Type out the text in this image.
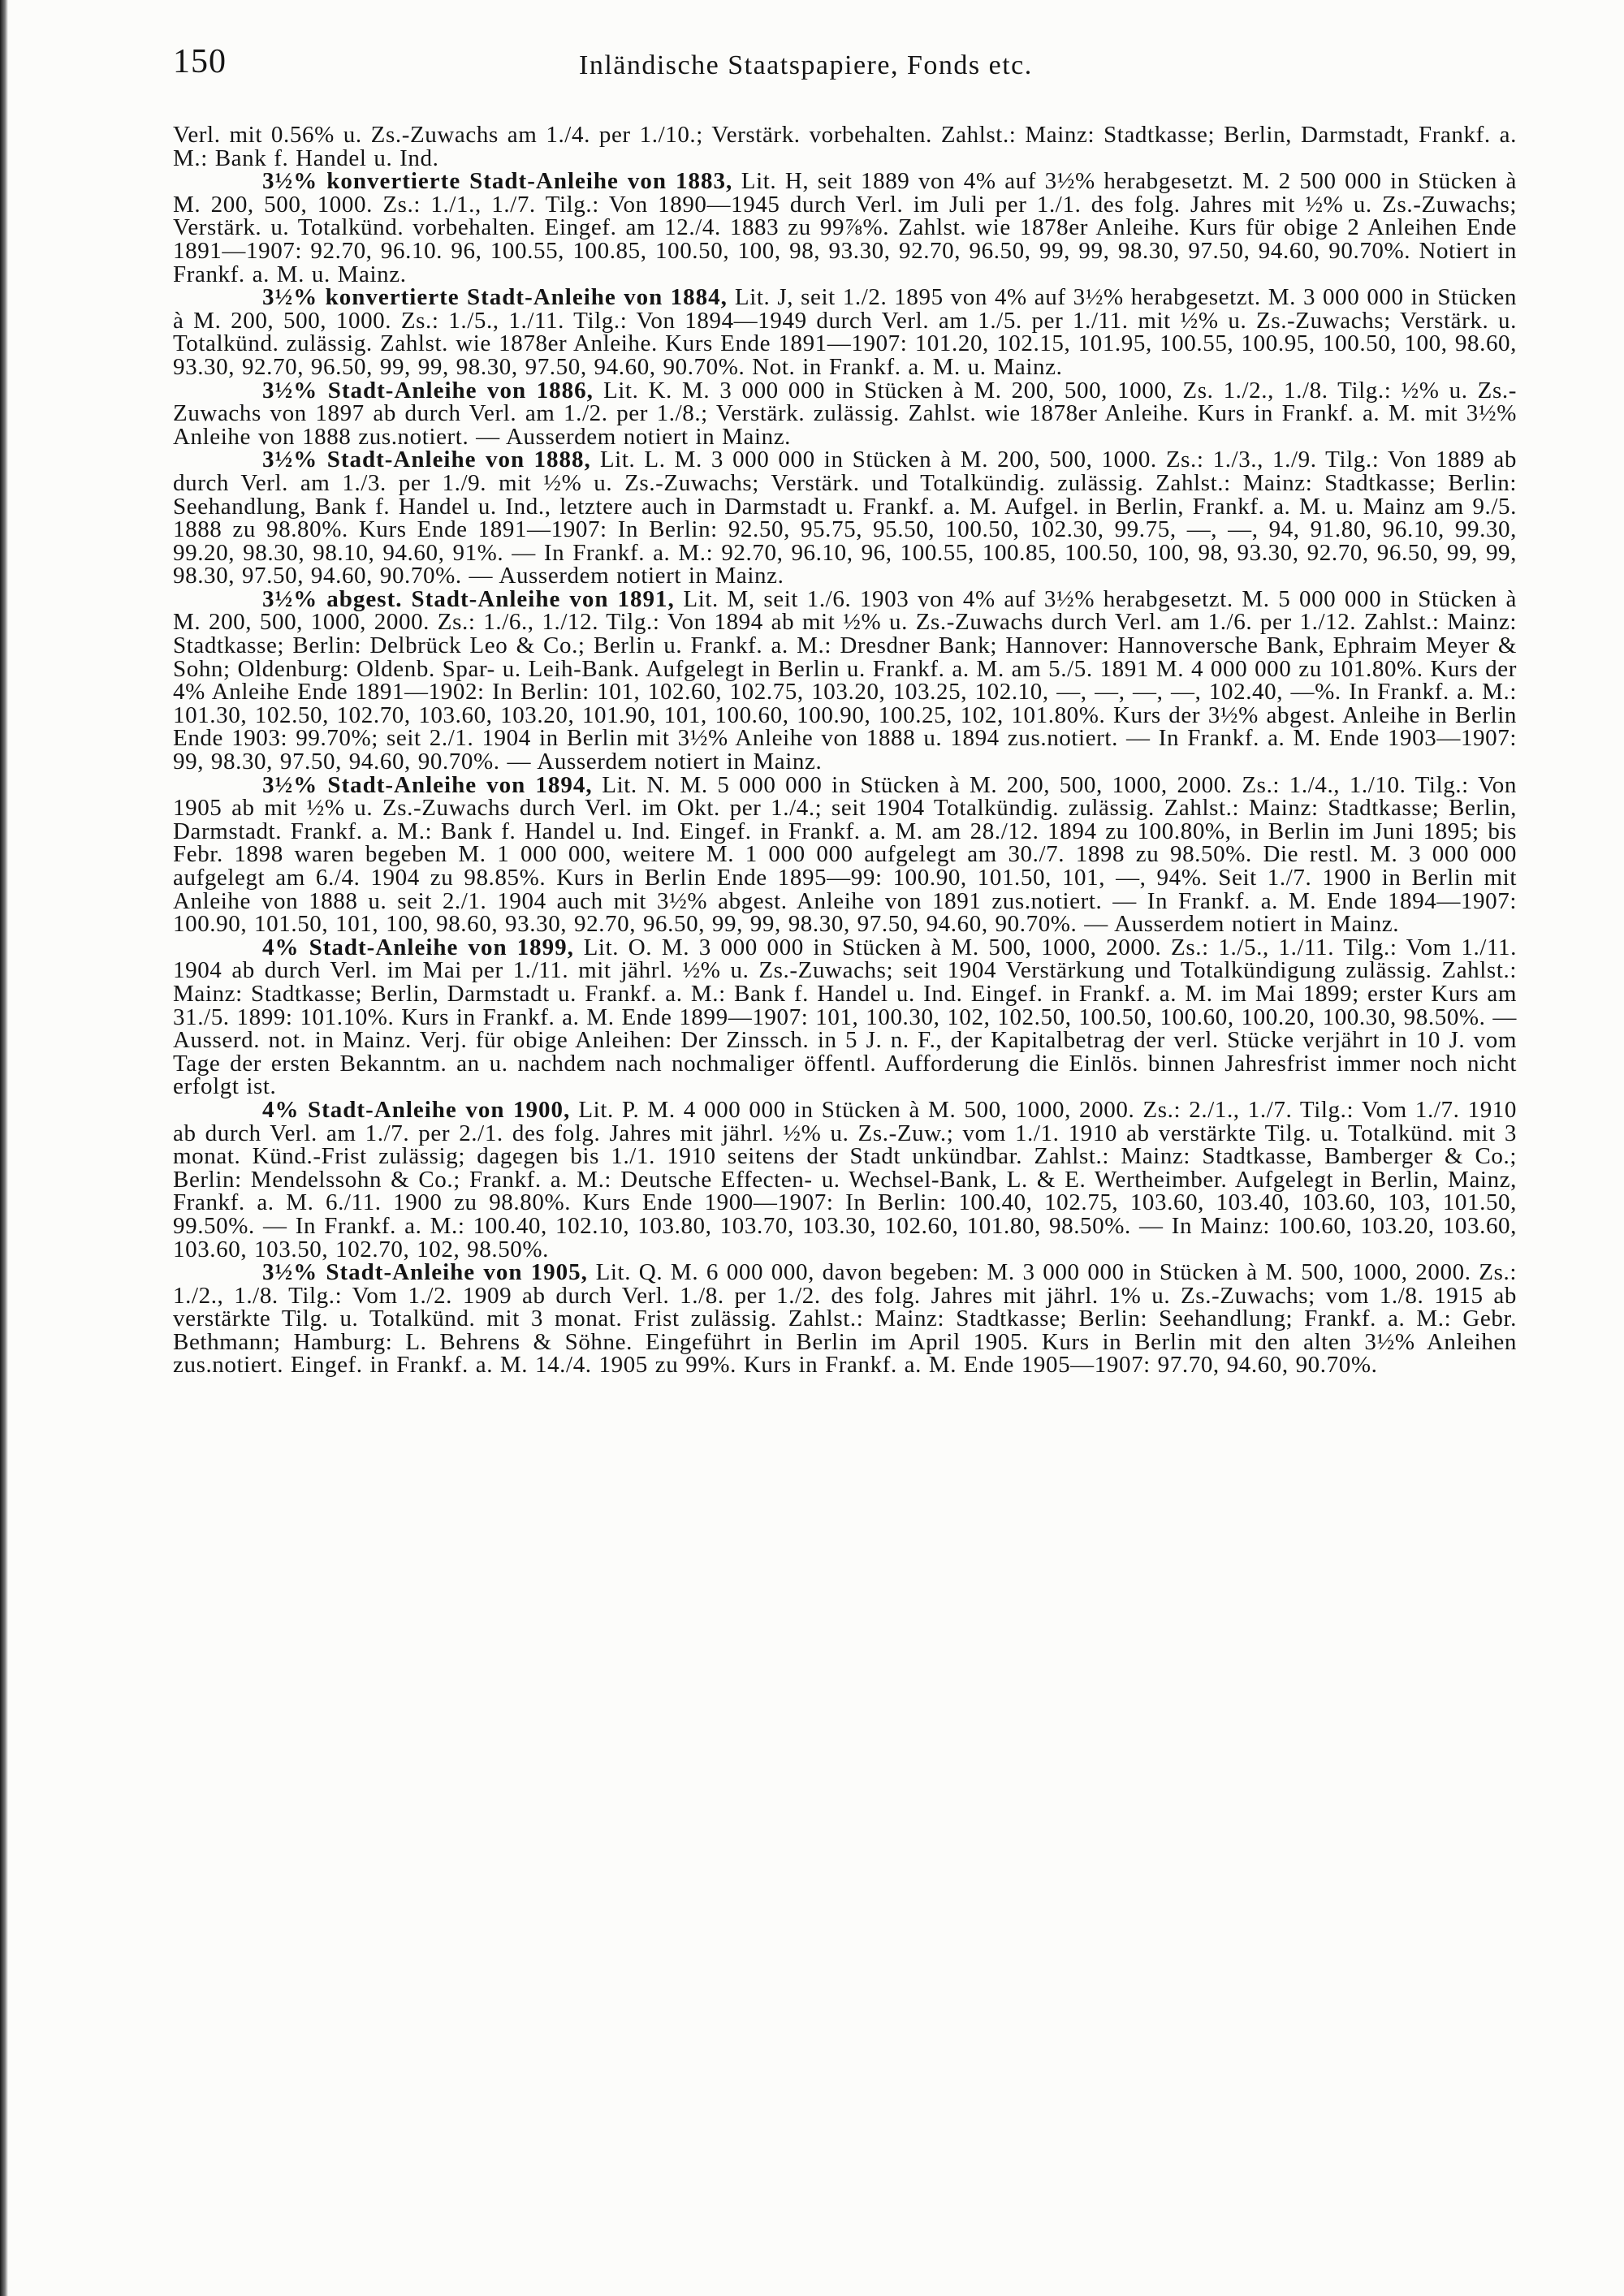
150	Inländische Staatspapiere, Fonds etc.

Verl. mit 0.56% u. Zs.-Zuwachs am 1./4. per 1./10.; Verstärk. vorbehalten. Zahlst.: Mainz: Stadtkasse; Berlin, Darmstadt, Frankf. a. M.: Bank f. Handel u. Ind.

3½% konvertierte Stadt-Anleihe von 1883, Lit. H, seit 1889 von 4% auf 3½% herabgesetzt. M. 2 500 000 in Stücken à M. 200, 500, 1000. Zs.: 1./1., 1./7. Tilg.: Von 1890—1945 durch Verl. im Juli per 1./1. des folg. Jahres mit ½% u. Zs.-Zuwachs; Verstärk. u. Totalkünd. vorbehalten. Eingef. am 12./4. 1883 zu 99⅞%. Zahlst. wie 1878er Anleihe. Kurs für obige 2 Anleihen Ende 1891—1907: 92.70, 96.10. 96, 100.55, 100.85, 100.50, 100, 98, 93.30, 92.70, 96.50, 99, 99, 98.30, 97.50, 94.60, 90.70%. Notiert in Frankf. a. M. u. Mainz.

3½% konvertierte Stadt-Anleihe von 1884, Lit. J, seit 1./2. 1895 von 4% auf 3½% herabgesetzt. M. 3 000 000 in Stücken à M. 200, 500, 1000. Zs.: 1./5., 1./11. Tilg.: Von 1894—1949 durch Verl. am 1./5. per 1./11. mit ½% u. Zs.-Zuwachs; Verstärk. u. Totalkünd. zulässig. Zahlst. wie 1878er Anleihe. Kurs Ende 1891—1907: 101.20, 102.15, 101.95, 100.55, 100.95, 100.50, 100, 98.60, 93.30, 92.70, 96.50, 99, 99, 98.30, 97.50, 94.60, 90.70%. Not. in Frankf. a. M. u. Mainz.

3½% Stadt-Anleihe von 1886, Lit. K. M. 3 000 000 in Stücken à M. 200, 500, 1000, Zs. 1./2., 1./8. Tilg.: ½% u. Zs.-Zuwachs von 1897 ab durch Verl. am 1./2. per 1./8.; Verstärk. zulässig. Zahlst. wie 1878er Anleihe. Kurs in Frankf. a. M. mit 3½% Anleihe von 1888 zus.notiert. — Ausserdem notiert in Mainz.

3½% Stadt-Anleihe von 1888, Lit. L. M. 3 000 000 in Stücken à M. 200, 500, 1000. Zs.: 1./3., 1./9. Tilg.: Von 1889 ab durch Verl. am 1./3. per 1./9. mit ½% u. Zs.-Zuwachs; Verstärk. und Totalkündig. zulässig. Zahlst.: Mainz: Stadtkasse; Berlin: Seehandlung, Bank f. Handel u. Ind., letztere auch in Darmstadt u. Frankf. a. M. Aufgel. in Berlin, Frankf. a. M. u. Mainz am 9./5. 1888 zu 98.80%. Kurs Ende 1891—1907: In Berlin: 92.50, 95.75, 95.50, 100.50, 102.30, 99.75, —, —, 94, 91.80, 96.10, 99.30, 99.20, 98.30, 98.10, 94.60, 91%. — In Frankf. a. M.: 92.70, 96.10, 96, 100.55, 100.85, 100.50, 100, 98, 93.30, 92.70, 96.50, 99, 99, 98.30, 97.50, 94.60, 90.70%. — Ausserdem notiert in Mainz.

3½% abgest. Stadt-Anleihe von 1891, Lit. M, seit 1./6. 1903 von 4% auf 3½% herabgesetzt. M. 5 000 000 in Stücken à M. 200, 500, 1000, 2000. Zs.: 1./6., 1./12. Tilg.: Von 1894 ab mit ½% u. Zs.-Zuwachs durch Verl. am 1./6. per 1./12. Zahlst.: Mainz: Stadtkasse; Berlin: Delbrück Leo & Co.; Berlin u. Frankf. a. M.: Dresdner Bank; Hannover: Hannoversche Bank, Ephraim Meyer & Sohn; Oldenburg: Oldenb. Spar- u. Leih-Bank. Aufgelegt in Berlin u. Frankf. a. M. am 5./5. 1891 M. 4 000 000 zu 101.80%. Kurs der 4% Anleihe Ende 1891—1902: In Berlin: 101, 102.60, 102.75, 103.20, 103.25, 102.10, —, —, —, —, 102.40, —%. In Frankf. a. M.: 101.30, 102.50, 102.70, 103.60, 103.20, 101.90, 101, 100.60, 100.90, 100.25, 102, 101.80%. Kurs der 3½% abgest. Anleihe in Berlin Ende 1903: 99.70%; seit 2./1. 1904 in Berlin mit 3½% Anleihe von 1888 u. 1894 zus.notiert. — In Frankf. a. M. Ende 1903—1907: 99, 98.30, 97.50, 94.60, 90.70%. — Ausserdem notiert in Mainz.

3½% Stadt-Anleihe von 1894, Lit. N. M. 5 000 000 in Stücken à M. 200, 500, 1000, 2000. Zs.: 1./4., 1./10. Tilg.: Von 1905 ab mit ½% u. Zs.-Zuwachs durch Verl. im Okt. per 1./4.; seit 1904 Totalkündig. zulässig. Zahlst.: Mainz: Stadtkasse; Berlin, Darmstadt. Frankf. a. M.: Bank f. Handel u. Ind. Eingef. in Frankf. a. M. am 28./12. 1894 zu 100.80%, in Berlin im Juni 1895; bis Febr. 1898 waren begeben M. 1 000 000, weitere M. 1 000 000 aufgelegt am 30./7. 1898 zu 98.50%. Die restl. M. 3 000 000 aufgelegt am 6./4. 1904 zu 98.85%. Kurs in Berlin Ende 1895—99: 100.90, 101.50, 101, —, 94%. Seit 1./7. 1900 in Berlin mit Anleihe von 1888 u. seit 2./1. 1904 auch mit 3½% abgest. Anleihe von 1891 zus.notiert. — In Frankf. a. M. Ende 1894—1907: 100.90, 101.50, 101, 100, 98.60, 93.30, 92.70, 96.50, 99, 99, 98.30, 97.50, 94.60, 90.70%. — Ausserdem notiert in Mainz.

4% Stadt-Anleihe von 1899, Lit. O. M. 3 000 000 in Stücken à M. 500, 1000, 2000. Zs.: 1./5., 1./11. Tilg.: Vom 1./11. 1904 ab durch Verl. im Mai per 1./11. mit jährl. ½% u. Zs.-Zuwachs; seit 1904 Verstärkung und Totalkündigung zulässig. Zahlst.: Mainz: Stadtkasse; Berlin, Darmstadt u. Frankf. a. M.: Bank f. Handel u. Ind. Eingef. in Frankf. a. M. im Mai 1899; erster Kurs am 31./5. 1899: 101.10%. Kurs in Frankf. a. M. Ende 1899—1907: 101, 100.30, 102, 102.50, 100.50, 100.60, 100.20, 100.30, 98.50%. — Ausserd. not. in Mainz. Verj. für obige Anleihen: Der Zinssch. in 5 J. n. F., der Kapitalbetrag der verl. Stücke verjährt in 10 J. vom Tage der ersten Bekanntm. an u. nachdem nach nochmaliger öffentl. Aufforderung die Einlös. binnen Jahresfrist immer noch nicht erfolgt ist.

4% Stadt-Anleihe von 1900, Lit. P. M. 4 000 000 in Stücken à M. 500, 1000, 2000. Zs.: 2./1., 1./7. Tilg.: Vom 1./7. 1910 ab durch Verl. am 1./7. per 2./1. des folg. Jahres mit jährl. ½% u. Zs.-Zuw.; vom 1./1. 1910 ab verstärkte Tilg. u. Totalkünd. mit 3 monat. Künd.-Frist zulässig; dagegen bis 1./1. 1910 seitens der Stadt unkündbar. Zahlst.: Mainz: Stadtkasse, Bamberger & Co.; Berlin: Mendelssohn & Co.; Frankf. a. M.: Deutsche Effecten- u. Wechsel-Bank, L. & E. Wertheimber. Aufgelegt in Berlin, Mainz, Frankf. a. M. 6./11. 1900 zu 98.80%. Kurs Ende 1900—1907: In Berlin: 100.40, 102.75, 103.60, 103.40, 103.60, 103, 101.50, 99.50%. — In Frankf. a. M.: 100.40, 102.10, 103.80, 103.70, 103.30, 102.60, 101.80, 98.50%. — In Mainz: 100.60, 103.20, 103.60, 103.60, 103.50, 102.70, 102, 98.50%.

3½% Stadt-Anleihe von 1905, Lit. Q. M. 6 000 000, davon begeben: M. 3 000 000 in Stücken à M. 500, 1000, 2000. Zs.: 1./2., 1./8. Tilg.: Vom 1./2. 1909 ab durch Verl. 1./8. per 1./2. des folg. Jahres mit jährl. 1% u. Zs.-Zuwachs; vom 1./8. 1915 ab verstärkte Tilg. u. Totalkünd. mit 3 monat. Frist zulässig. Zahlst.: Mainz: Stadtkasse; Berlin: Seehandlung; Frankf. a. M.: Gebr. Bethmann; Hamburg: L. Behrens & Söhne. Eingeführt in Berlin im April 1905. Kurs in Berlin mit den alten 3½% Anleihen zus.notiert. Eingef. in Frankf. a. M. 14./4. 1905 zu 99%. Kurs in Frankf. a. M. Ende 1905—1907: 97.70, 94.60, 90.70%.
